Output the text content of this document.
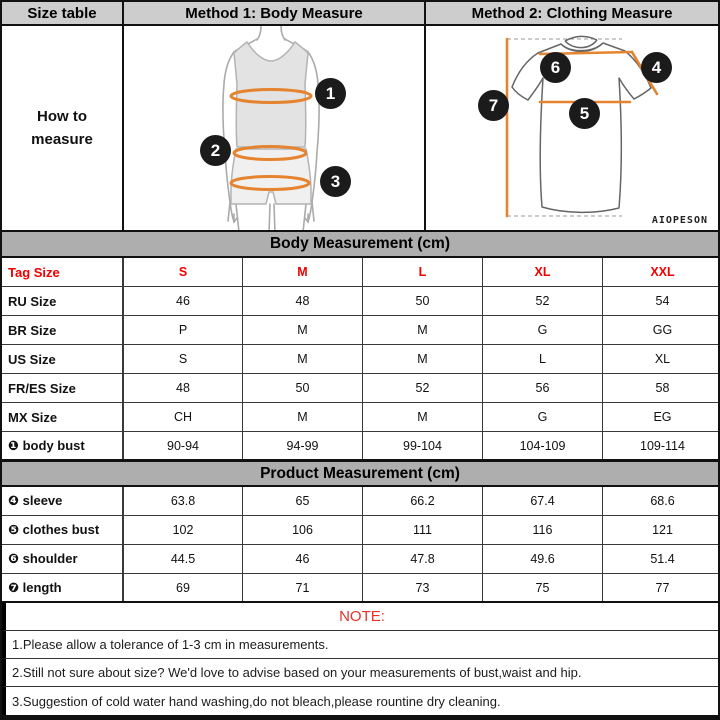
Size table	Method 1: Body Measure	Method 2: Clothing Measure
How to
measure
1
2
3
6	4
7	5
AIOPESON
Body Measurement (cm)
Tag Size	S	M	L	XL	XXL
RU Size	46	48	50	52	54
BR Size	P	M	M	G	GG
US Size	S	M	M	L	XL
FR/ES Size	48	50	52	56	58
MX Size	CH	M	M	G	EG
❶ body bust	90-94	94-99	99-104	104-109	109-114
Product Measurement (cm)
❹ sleeve	63.8	65	66.2	67.4	68.6
❺ clothes bust	102	106	111	116	121
❻ shoulder	44.5	46	47.8	49.6	51.4
❼ length	69	71	73	75	77
NOTE:
1.Please allow a tolerance of 1-3 cm in measurements.
2.Still not sure about size? We'd love to advise based on your measurements of bust,waist and hip.
3.Suggestion of cold water hand washing,do not bleach,please rountine dry cleaning.
